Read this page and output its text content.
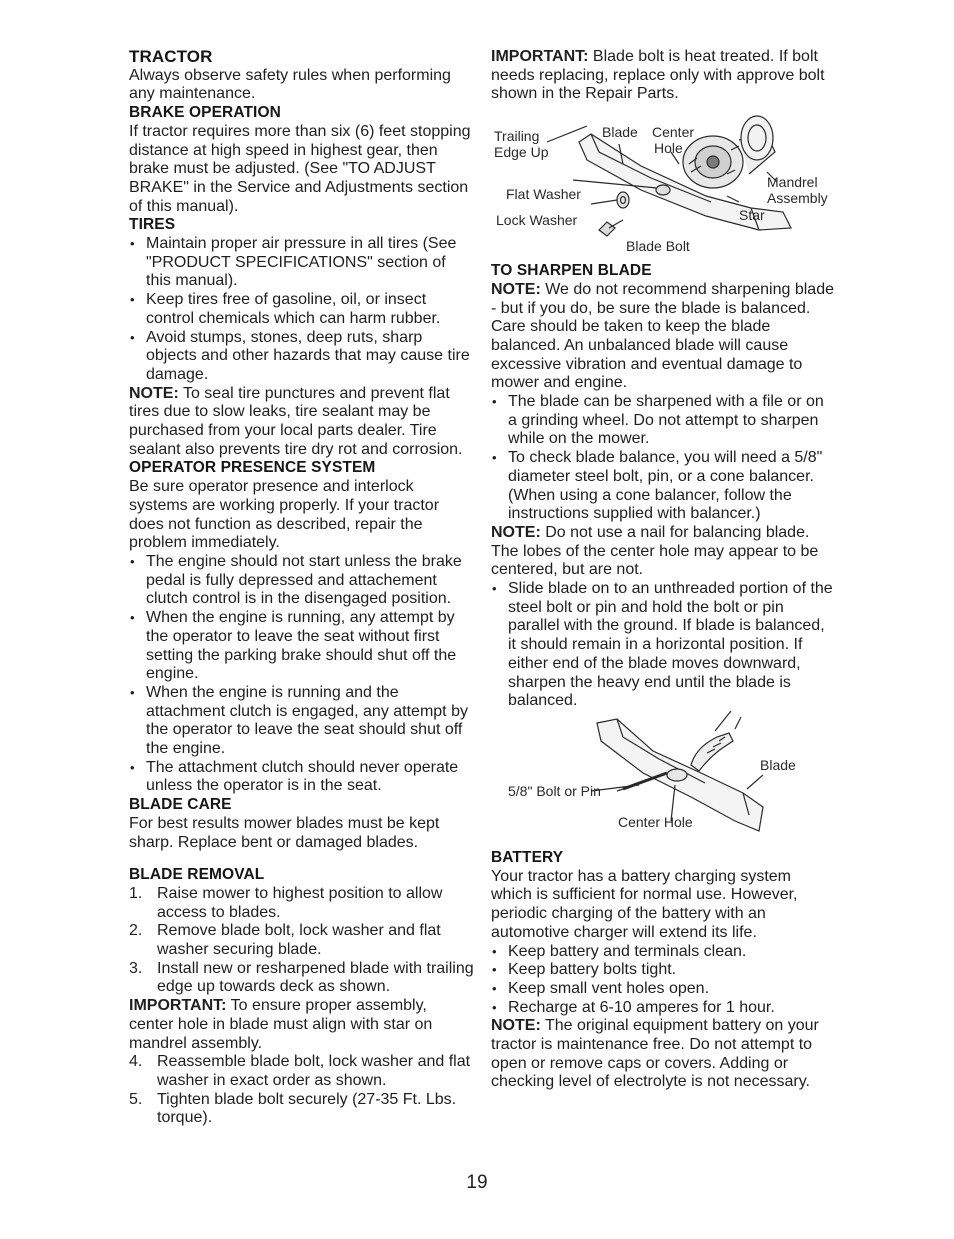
TRACTOR

Always observe safety rules when performing any maintenance.

BRAKE OPERATION

If tractor requires more than six (6) feet stopping distance at high speed in highest gear, then brake must be adjusted. (See "TO ADJUST BRAKE" in the Service and Adjustments section of this manual).

TIRES
• Maintain proper air pressure in all tires (See "PRODUCT SPECIFICATIONS" section of this manual).
• Keep tires free of gasoline, oil, or insect control chemicals which can harm rubber.
• Avoid stumps, stones, deep ruts, sharp objects and other hazards that may cause tire damage.

NOTE: To seal tire punctures and prevent flat tires due to slow leaks, tire sealant may be purchased from your local parts dealer. Tire sealant also prevents tire dry rot and corrosion.

OPERATOR PRESENCE SYSTEM

Be sure operator presence and interlock systems are working properly. If your tractor does not function as described, repair the problem immediately.

• The engine should not start unless the brake pedal is fully depressed and attachement clutch control is in the disengaged position.
• When the engine is running, any attempt by the operator to leave the seat without first setting the parking brake should shut off the engine.
• When the engine is running and the attachment clutch is engaged, any attempt by the operator to leave the seat should shut off the engine.
• The attachment clutch should never operate unless the operator is in the seat.
BLADE CARE

For best results mower blades must be kept sharp. Replace bent or damaged blades.

BLADE REMOVAL
1. Raise mower to highest position to allow access to blades.
2. Remove blade bolt, lock washer and flat washer securing blade.
3. Install new or resharpened blade with trailing edge up towards deck as shown.

IMPORTANT: To ensure proper assembly, center hole in blade must align with star on mandrel assembly.

4. Reassemble blade bolt, lock washer and flat washer in exact order as shown.
5. Tighten blade bolt securely (27-35 Ft. Lbs. torque).

IMPORTANT: Blade bolt is heat treated. If bolt needs replacing, replace only with approve bolt shown in the Repair Parts.

Trailing
Edge Up
Blade Center
Hole
Mandrel
Assembly
Flat Washer
Star
Lock Washer
Blade Bolt
TO SHARPEN BLADE

NOTE: We do not recommend sharpening blade - but if you do, be sure the blade is balanced.

Care should be taken to keep the blade balanced. An unbalanced blade will cause excessive vibration and eventual damage to mower and engine.

• The blade can be sharpened with a file or on a grinding wheel. Do not attempt to sharpen while on the mower.
• To check blade balance, you will need a 5/8" diameter steel bolt, pin, or a cone balancer. (When using a cone balancer, follow the instructions supplied with balancer.)

NOTE: Do not use a nail for balancing blade. The lobes of the center hole may appear to be centered, but are not.

• Slide blade on to an unthreaded portion of the steel bolt or pin and hold the bolt or pin parallel with the ground. If blade is balanced, it should remain in a horizontal position. If either end of the blade moves downward, sharpen the heavy end until the blade is balanced.
Blade
5/8" Bolt or Pin
Center Hole
BATTERY

Your tractor has a battery charging system which is sufficient for normal use. However, periodic charging of the battery with an automotive charger will extend its life.

• Keep battery and terminals clean.
• Keep battery bolts tight.
• Keep small vent holes open.
• Recharge at 6-10 amperes for 1 hour.

NOTE: The original equipment battery on your tractor is maintenance free. Do not attempt to open or remove caps or covers. Adding or checking level of electrolyte is not necessary.

19
